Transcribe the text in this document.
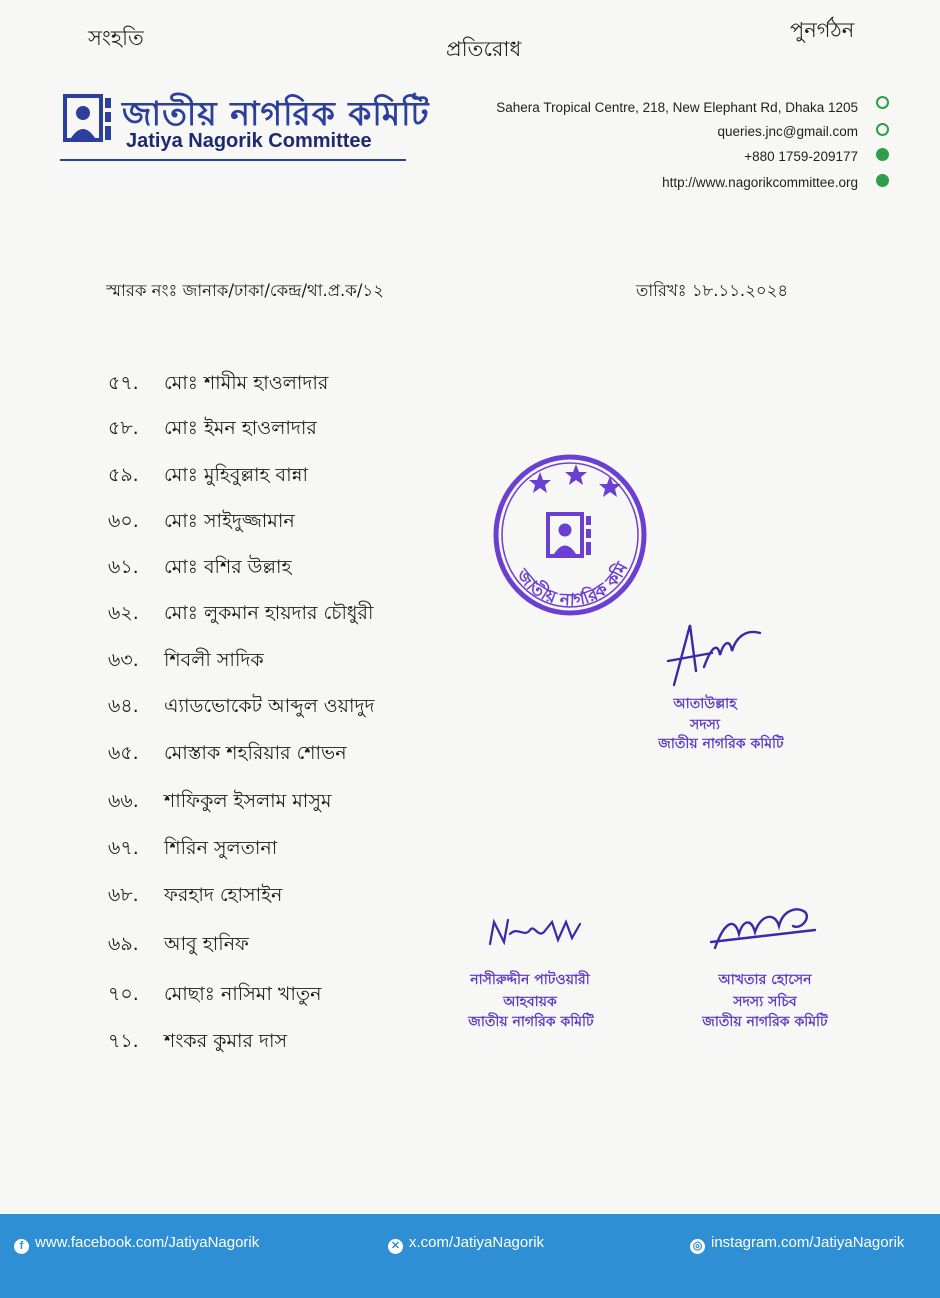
সংহতি	প্রতিরোধ
পুনর্গঠন
জাতীয় নাগরিক কমিটি
Jatiya Nagorik Committee
Sahera Tropical Centre, 218, New Elephant Rd, Dhaka 1205
queries.jnc@gmail.com
+880 1759-209177
http://www.nagorikcommittee.org
স্মারক নংঃ জানাক/ঢাকা/কেন্দ্র/থা.প্র.ক/১২	তারিখঃ ১৮.১১.২০২৪
৫৭. মোঃ শামীম হাওলাদার
৫৮. মোঃ ইমন হাওলাদার
৫৯. মোঃ মুহিবুল্লাহ বান্না
৬০. মোঃ সাইদুজ্জামান
৬১. মোঃ বশির উল্লাহ
৬২. মোঃ লুকমান হায়দার চৌধুরী
৬৩. শিবলী সাদিক
৬৪. এ্যাডভোকেট আব্দুল ওয়াদুদ
৬৫. মোস্তাক শহরিয়ার শোভন
৬৬. শাফিকুল ইসলাম মাসুম
৬৭. শিরিন সুলতানা
৬৮. ফরহাদ হোসাইন
৬৯. আবু হানিফ
৭০. মোছাঃ নাসিমা খাতুন
৭১. শংকর কুমার দাস
জাতীয় নাগরিক কমি
আতাউল্লাহ
সদস্য
জাতীয় নাগরিক কমিটি
নাসীরুদ্দীন পাটওয়ারী
আহবায়ক
জাতীয় নাগরিক কমিটি
আখতার হোসেন
সদস্য সচিব
জাতীয় নাগরিক কমিটি
f www.facebook.com/JatiyaNagorik	✕ x.com/JatiyaNagorik	◎ instagram.com/JatiyaNagorik
